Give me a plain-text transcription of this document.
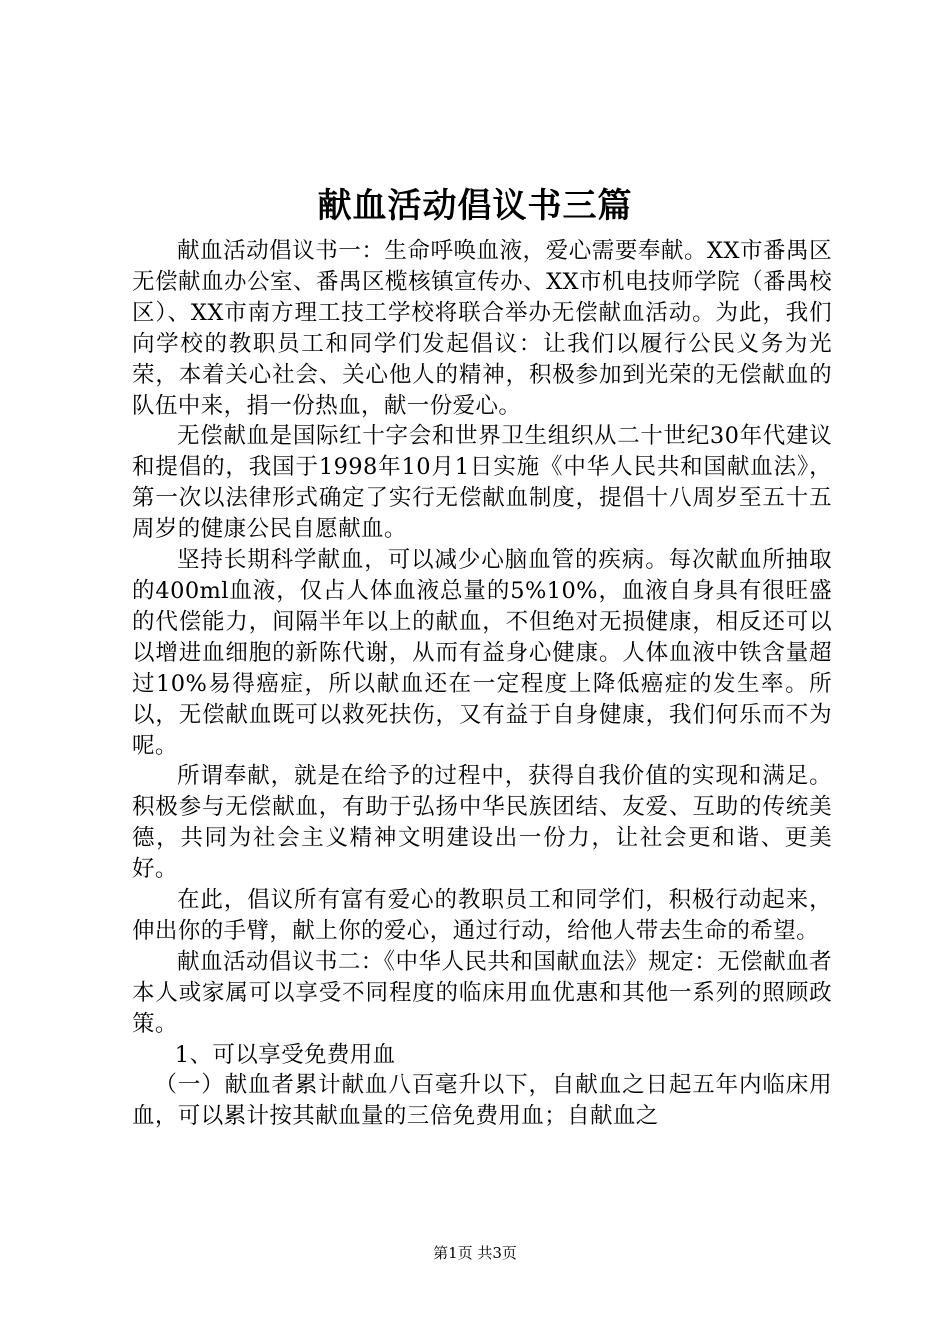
献血活动倡议书三篇

献血活动倡议书一：生命呼唤血液，爱心需要奉献。XX市番禺区无偿献血办公室、番禺区榄核镇宣传办、XX市机电技师学院（番禺校区）、XX市南方理工技工学校将联合举办无偿献血活动。为此，我们向学校的教职员工和同学们发起倡议：让我们以履行公民义务为光荣，本着关心社会、关心他人的精神，积极参加到光荣的无偿献血的队伍中来，捐一份热血，献一份爱心。

无偿献血是国际红十字会和世界卫生组织从二十世纪30年代建议和提倡的，我国于1998年10月1日实施《中华人民共和国献血法》，第一次以法律形式确定了实行无偿献血制度，提倡十八周岁至五十五周岁的健康公民自愿献血。

坚持长期科学献血，可以减少心脑血管的疾病。每次献血所抽取的400ml血液，仅占人体血液总量的5%10%，血液自身具有很旺盛的代偿能力，间隔半年以上的献血，不但绝对无损健康，相反还可以以增进血细胞的新陈代谢，从而有益身心健康。人体血液中铁含量超过10%易得癌症，所以献血还在一定程度上降低癌症的发生率。所以，无偿献血既可以救死扶伤，又有益于自身健康，我们何乐而不为呢。

所谓奉献，就是在给予的过程中，获得自我价值的实现和满足。积极参与无偿献血，有助于弘扬中华民族团结、友爱、互助的传统美德，共同为社会主义精神文明建设出一份力，让社会更和谐、更美好。

在此，倡议所有富有爱心的教职员工和同学们，积极行动起来，伸出你的手臂，献上你的爱心，通过行动，给他人带去生命的希望。

献血活动倡议书二：《中华人民共和国献血法》规定：无偿献血者本人或家属可以享受不同程度的临床用血优惠和其他一系列的照顾政策。

1、可以享受免费用血

（一）献血者累计献血八百毫升以下，自献血之日起五年内临床用血，可以累计按其献血量的三倍免费用血；自献血之

第1页 共3页
